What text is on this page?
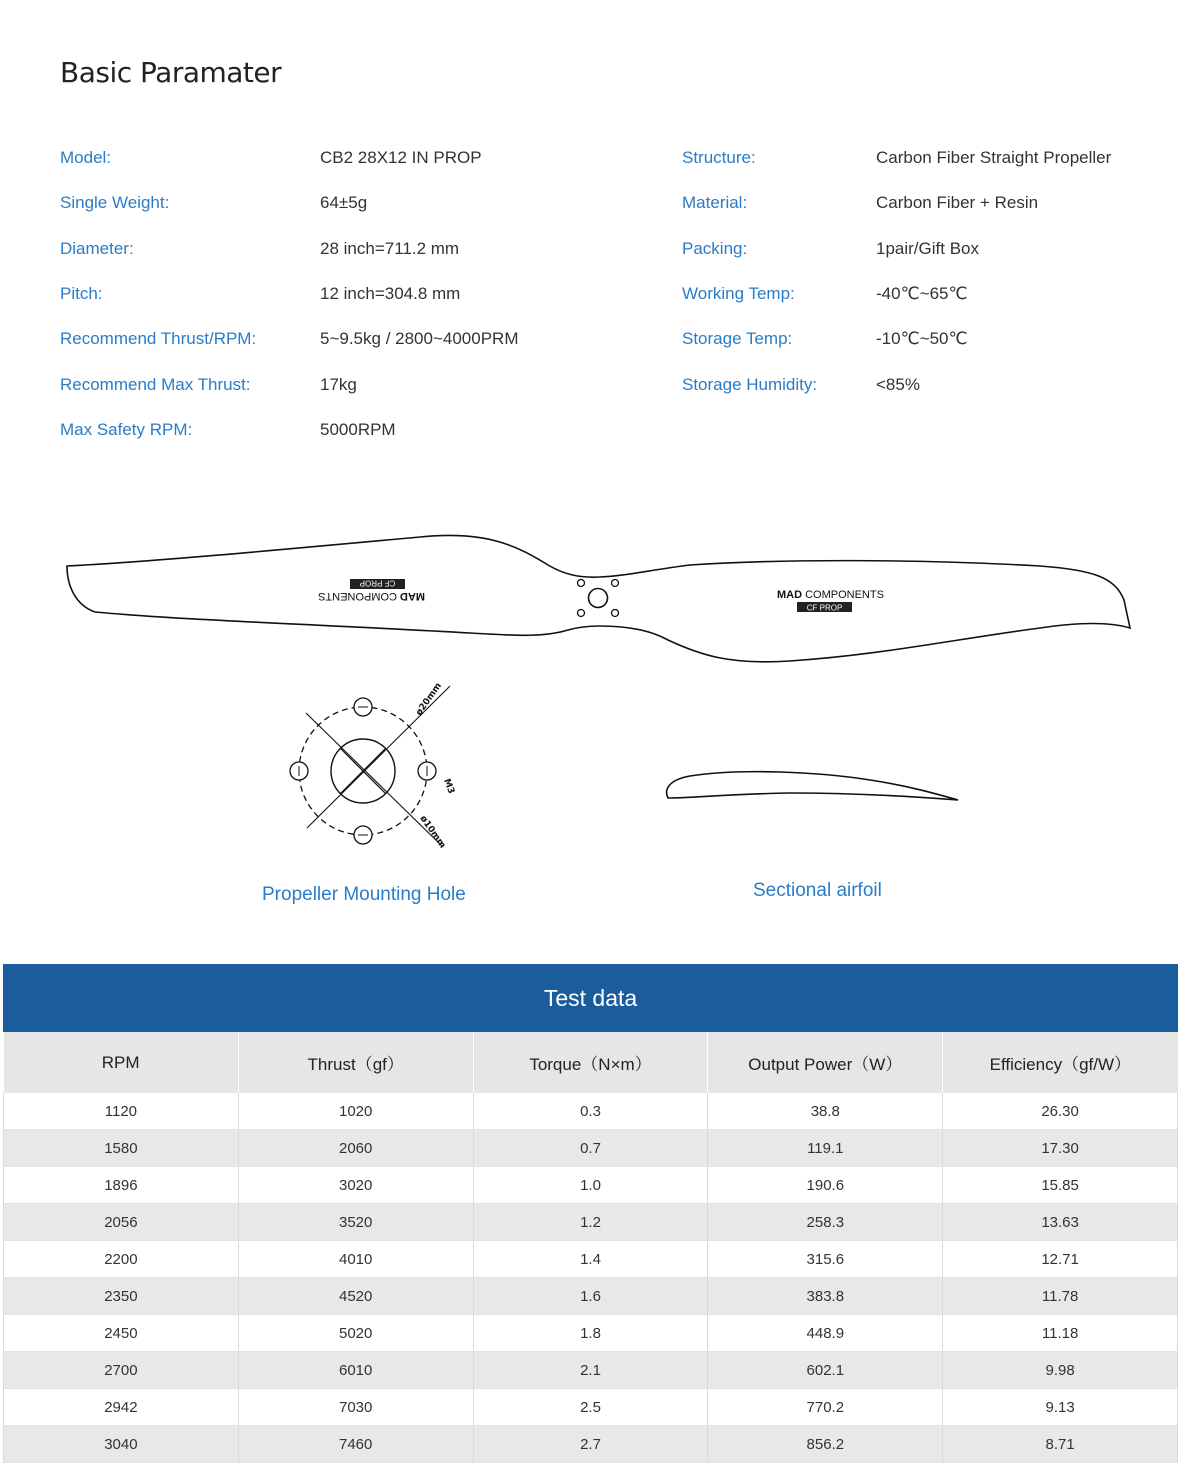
Basic Paramater
Model:	CB2 28X12 IN PROP
Single Weight:	64±5g
Diameter:	28 inch=711.2 mm
Pitch:	12 inch=304.8 mm
Recommend Thrust/RPM:	5~9.5kg / 2800~4000PRM
Recommend Max Thrust:	17kg
Max Safety RPM:	5000RPM
Structure:	Carbon Fiber Straight Propeller
Material:	Carbon Fiber + Resin
Packing:	1pair/Gift Box
Working Temp:	-40℃~65℃
Storage Temp:	-10℃~50℃
Storage Humidity:	<85%
MAD COMPONENTS
CF PROP
MADCOMPONENTS
CF PROP
ø20mm
ø10mm
M3
Propeller Mounting Hole	Sectional airfoil
Test data
RPM	Thrust（gf）	Torque（N×m）	Output Power（W）	Efficiency（gf/W）
1120	1020	0.3	38.8	26.30
1580	2060	0.7	119.1	17.30
1896	3020	1.0	190.6	15.85
2056	3520	1.2	258.3	13.63
2200	4010	1.4	315.6	12.71
2350	4520	1.6	383.8	11.78
2450	5020	1.8	448.9	11.18
2700	6010	2.1	602.1	9.98
2942	7030	2.5	770.2	9.13
3040	7460	2.7	856.2	8.71
